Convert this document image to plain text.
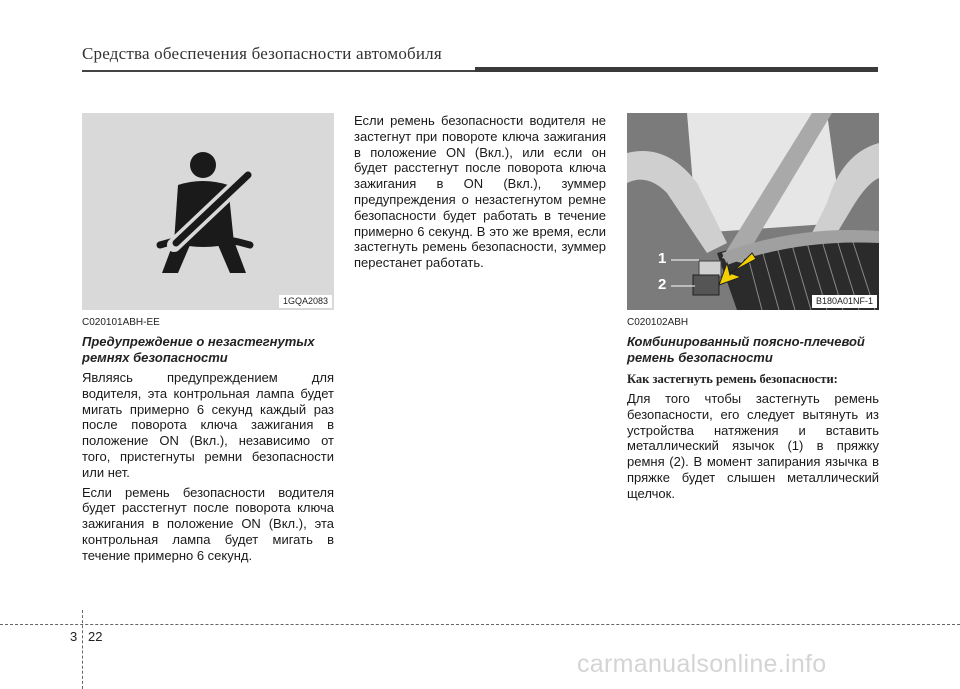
Средства обеспечения безопасности автомобиля
1GQA2083
C020101ABH-EE
Предупреждение о незастегнутых ремнях безопасности
Являясь предупреждением для водителя, эта контрольная лампа будет мигать примерно 6 секунд каждый раз после поворота ключа зажигания в положение ON (Вкл.), независимо от того, пристегнуты ремни безопасности или нет.
Если ремень безопасности водителя будет расстегнут после поворота ключа зажигания в положение ON (Вкл.), эта контрольная лампа будет мигать в течение примерно 6 секунд.
Если ремень безопасности водителя не застегнут при повороте ключа зажигания в положение ON (Вкл.), или если он будет расстегнут после поворота ключа зажигания в ON (Вкл.), зуммер предупреждения о незастегнутом ремне безопасности будет работать в течение примерно 6 секунд. В это же время, если застегнуть ремень безопасности, зуммер перестанет работать.	1
2
B180A01NF-1
C020102ABH
Комбинированный поясно-плечевой ремень безопасности
Как застегнуть ремень безопасности:
Для того чтобы застегнуть ремень безопасности, его следует вытянуть из устройства натяжения и вставить металлический язычок (1) в пряжку ремня (2). В момент запирания язычка в пряжке будет слышен металлический щелчок.
3 22
carmanualsonline.info
